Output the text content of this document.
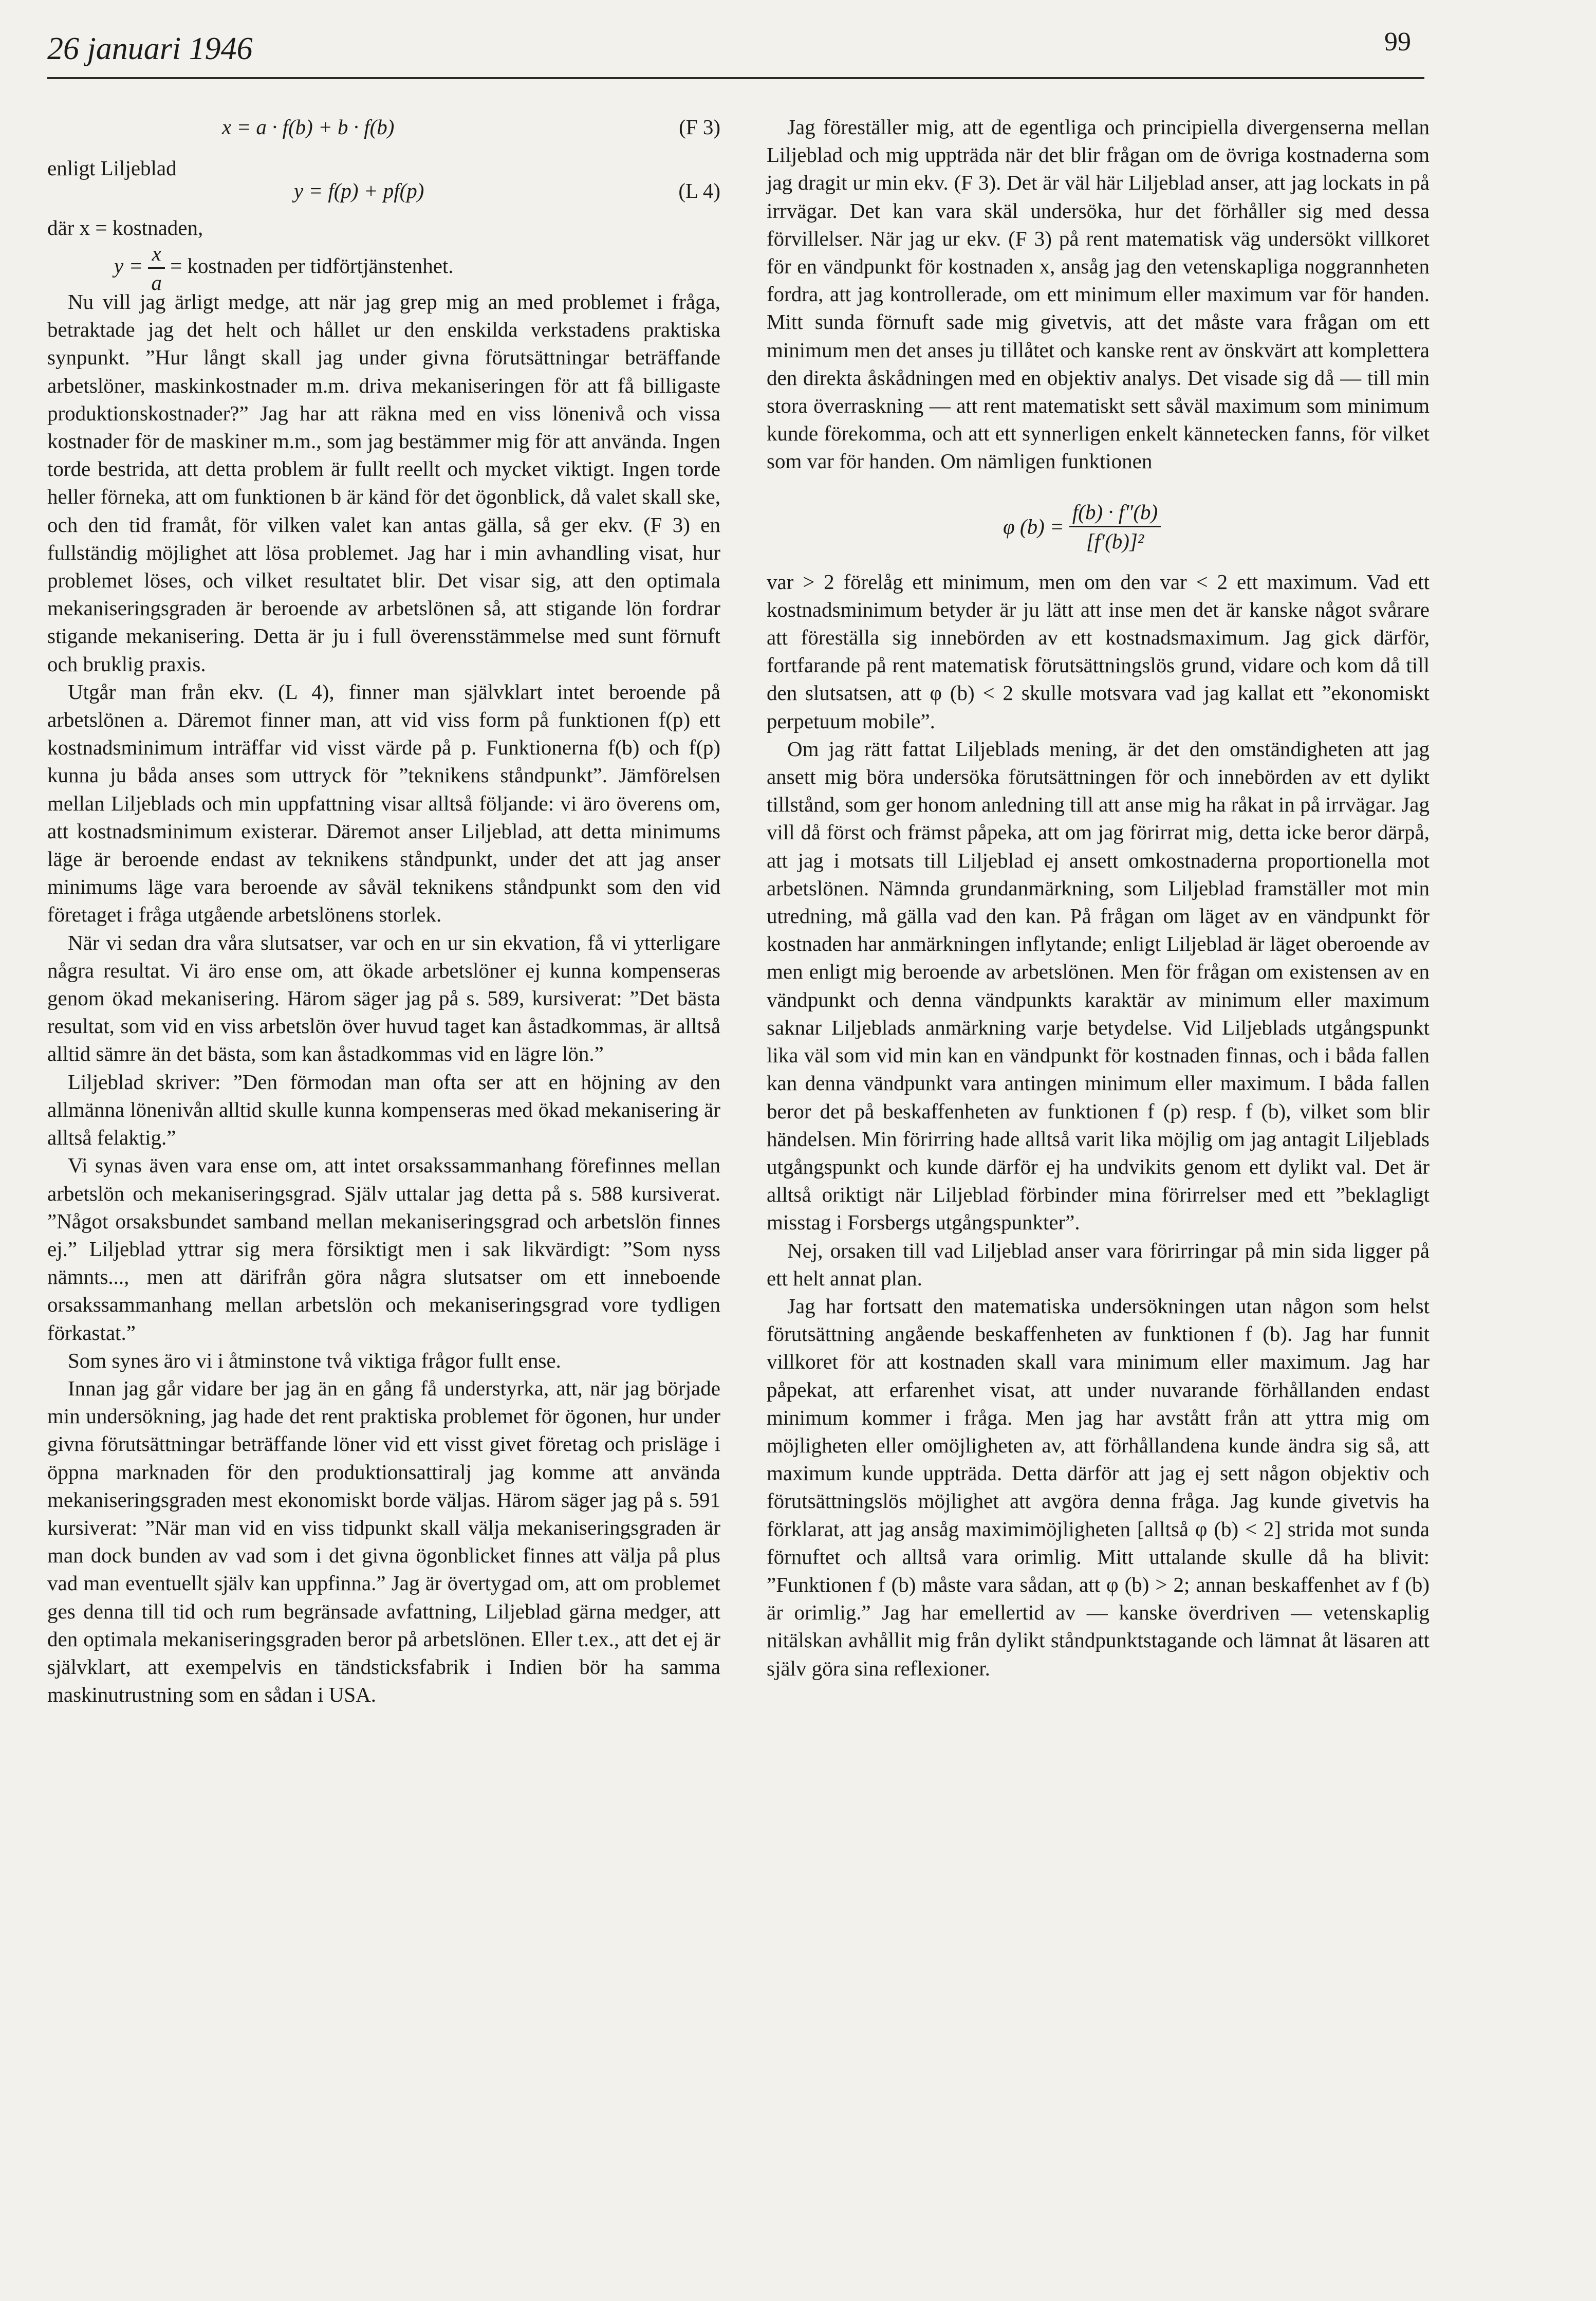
26 januari 1946	99
x = a · f(b) + b · f(b)	(F 3)
enligt Liljeblad
y = f(p) + pf(p)	(L 4)
där x = kostnaden,
$y = \frac{x}{a}$ = kostnaden per tidförtjänstenhet.

Nu vill jag ärligt medge, att när jag grep mig an med problemet i fråga, betraktade jag det helt och hållet ur den enskilda verkstadens praktiska synpunkt. ”Hur långt skall jag under givna förutsättningar beträffande arbetslöner, maskinkostnader m.m. driva mekaniseringen för att få billigaste produktionskostnader?” Jag har att räkna med en viss lönenivå och vissa kostnader för de maskiner m.m., som jag bestämmer mig för att använda. Ingen torde bestrida, att detta problem är fullt reellt och mycket viktigt. Ingen torde heller förneka, att om funktionen b är känd för det ögonblick, då valet skall ske, och den tid framåt, för vilken valet kan antas gälla, så ger ekv. (F 3) en fullständig möjlighet att lösa problemet. Jag har i min avhandling visat, hur problemet löses, och vilket resultatet blir. Det visar sig, att den optimala mekaniseringsgraden är beroende av arbetslönen så, att stigande lön fordrar stigande mekanisering. Detta är ju i full överensstämmelse med sunt förnuft och bruklig praxis.

Utgår man från ekv. (L 4), finner man självklart intet beroende på arbetslönen a. Däremot finner man, att vid viss form på funktionen f(p) ett kostnadsminimum inträffar vid visst värde på p. Funktionerna f(b) och f(p) kunna ju båda anses som uttryck för ”teknikens ståndpunkt”. Jämförelsen mellan Liljeblads och min uppfattning visar alltså följande: vi äro överens om, att kostnadsminimum existerar. Däremot anser Liljeblad, att detta minimums läge är beroende endast av teknikens ståndpunkt, under det att jag anser minimums läge vara beroende av såväl teknikens ståndpunkt som den vid företaget i fråga utgående arbetslönens storlek.

När vi sedan dra våra slutsatser, var och en ur sin ekvation, få vi ytterligare några resultat. Vi äro ense om, att ökade arbetslöner ej kunna kompenseras genom ökad mekanisering. Härom säger jag på s. 589, kursiverat: ”Det bästa resultat, som vid en viss arbetslön över huvud taget kan åstadkommas, är alltså alltid sämre än det bästa, som kan åstadkommas vid en lägre lön.”

Liljeblad skriver: ”Den förmodan man ofta ser att en höjning av den allmänna lönenivån alltid skulle kunna kompenseras med ökad mekanisering är alltså felaktig.”

Vi synas även vara ense om, att intet orsakssammanhang förefinnes mellan arbetslön och mekaniseringsgrad. Själv uttalar jag detta på s. 588 kursiverat. ”Något orsaksbundet samband mellan mekaniseringsgrad och arbetslön finnes ej.” Liljeblad yttrar sig mera försiktigt men i sak likvärdigt: ”Som nyss nämnts..., men att därifrån göra några slutsatser om ett inneboende orsakssammanhang mellan arbetslön och mekaniseringsgrad vore tydligen förkastat.”

Som synes äro vi i åtminstone två viktiga frågor fullt ense.

Innan jag går vidare ber jag än en gång få understyrka, att, när jag började min undersökning, jag hade det rent praktiska problemet för ögonen, hur under givna förutsättningar beträffande löner vid ett visst givet företag och prisläge i öppna marknaden för den produktionsattiralj jag komme att använda mekaniseringsgraden mest ekonomiskt borde väljas. Härom säger jag på s. 591 kursiverat: ”När man vid en viss tidpunkt skall välja mekaniseringsgraden är man dock bunden av vad som i det givna ögonblicket finnes att välja på plus vad man eventuellt själv kan uppfinna.” Jag är övertygad om, att om problemet ges denna till tid och rum begränsade avfattning, Liljeblad gärna medger, att den optimala mekaniseringsgraden beror på arbetslönen. Eller t.ex., att det ej är självklart, att exempelvis en tändsticksfabrik i Indien bör ha samma maskinutrustning som en sådan i USA.

Jag föreställer mig, att de egentliga och principiella divergenserna mellan Liljeblad och mig uppträda när det blir frågan om de övriga kostnaderna som jag dragit ur min ekv. (F 3). Det är väl här Liljeblad anser, att jag lockats in på irrvägar. Det kan vara skäl undersöka, hur det förhåller sig med dessa förvillelser. När jag ur ekv. (F 3) på rent matematisk väg undersökt villkoret för en vändpunkt för kostnaden x, ansåg jag den vetenskapliga noggrannheten fordra, att jag kontrollerade, om ett minimum eller maximum var för handen. Mitt sunda förnuft sade mig givetvis, att det måste vara frågan om ett minimum men det anses ju tillåtet och kanske rent av önskvärt att komplettera den direkta åskådningen med en objektiv analys. Det visade sig då — till min stora överraskning — att rent matematiskt sett såväl maximum som minimum kunde förekomma, och att ett synnerligen enkelt kännetecken fanns, för vilket som var för handen. Om nämligen funktionen

φ $(b) = \frac{f(b) \cdot f''(b)}{\text{[f′(b)]²}}$

var > 2 förelåg ett minimum, men om den var < 2 ett maximum. Vad ett kostnadsminimum betyder är ju lätt att inse men det är kanske något svårare att föreställa sig innebörden av ett kostnadsmaximum. Jag gick därför, fortfarande på rent matematisk förutsättningslös grund, vidare och kom då till den slutsatsen, att φ (b) < 2 skulle motsvara vad jag kallat ett ”ekonomiskt perpetuum mobile”.

Om jag rätt fattat Liljeblads mening, är det den omständigheten att jag ansett mig böra undersöka förutsättningen för och innebörden av ett dylikt tillstånd, som ger honom anledning till att anse mig ha råkat in på irrvägar. Jag vill då först och främst påpeka, att om jag förirrat mig, detta icke beror därpå, att jag i motsats till Liljeblad ej ansett omkostnaderna proportionella mot arbetslönen. Nämnda grundanmärkning, som Liljeblad framställer mot min utredning, må gälla vad den kan. På frågan om läget av en vändpunkt för kostnaden har anmärkningen inflytande; enligt Liljeblad är läget oberoende av men enligt mig beroende av arbetslönen. Men för frågan om existensen av en vändpunkt och denna vändpunkts karaktär av minimum eller maximum saknar Liljeblads anmärkning varje betydelse. Vid Liljeblads utgångspunkt lika väl som vid min kan en vändpunkt för kostnaden finnas, och i båda fallen kan denna vändpunkt vara antingen minimum eller maximum. I båda fallen beror det på beskaffenheten av funktionen f (p) resp. f (b), vilket som blir händelsen. Min förirring hade alltså varit lika möjlig om jag antagit Liljeblads utgångspunkt och kunde därför ej ha undvikits genom ett dylikt val. Det är alltså oriktigt när Liljeblad förbinder mina förirrelser med ett ”beklagligt misstag i Forsbergs utgångspunkter”.

Nej, orsaken till vad Liljeblad anser vara förirringar på min sida ligger på ett helt annat plan.

Jag har fortsatt den matematiska undersökningen utan någon som helst förutsättning angående beskaffenheten av funktionen f (b). Jag har funnit villkoret för att kostnaden skall vara minimum eller maximum. Jag har påpekat, att erfarenhet visat, att under nuvarande förhållanden endast minimum kommer i fråga. Men jag har avstått från att yttra mig om möjligheten eller omöjligheten av, att förhållandena kunde ändra sig så, att maximum kunde uppträda. Detta därför att jag ej sett någon objektiv och förutsättningslös möjlighet att avgöra denna fråga. Jag kunde givetvis ha förklarat, att jag ansåg maximimöjligheten [alltså φ (b) < 2] strida mot sunda förnuftet och alltså vara orimlig. Mitt uttalande skulle då ha blivit: ”Funktionen f (b) måste vara sådan, att φ (b) > 2; annan beskaffenhet av f (b) är orimlig.” Jag har emellertid av — kanske överdriven — vetenskaplig nitälskan avhållit mig från dylikt ståndpunktstagande och lämnat åt läsaren att själv göra sina reflexioner.
